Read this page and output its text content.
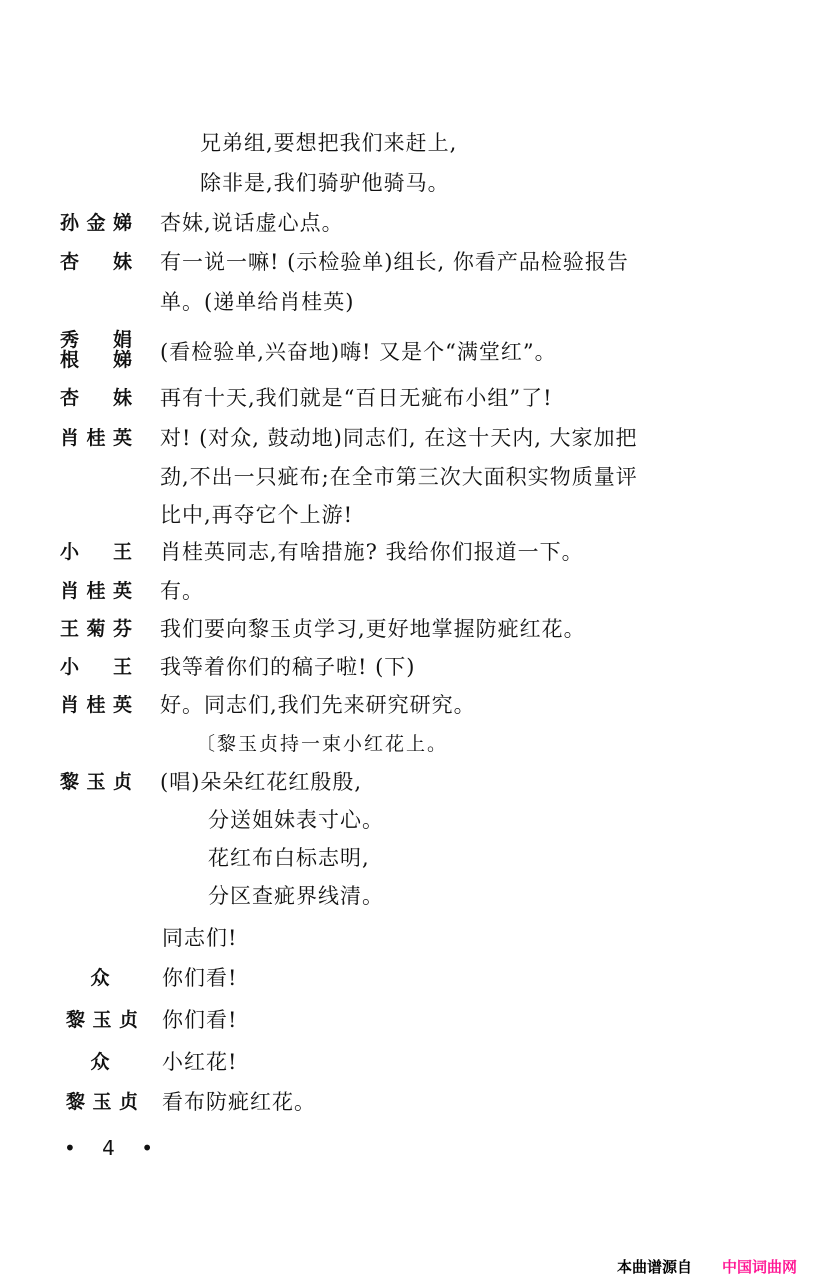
兄弟组,要想把我们来赶上,
除非是,我们骑驴他骑马。
孙 金 娣 杏妹,说话虚心点。
杏 妹 有一说一嘛! (示检验单)组长, 你看产品检验报告
单。(递单给肖桂英)
秀 娟
根 娣 (看检验单,兴奋地)嗨! 又是个“满堂红”。
杏 妹 再有十天,我们就是“百日无疵布小组”了!
肖 桂 英 对! (对众, 鼓动地)同志们, 在这十天内, 大家加把
劲,不出一只疵布;在全市第三次大面积实物质量评
比中,再夺它个上游!
小 王 肖桂英同志,有啥措施? 我给你们报道一下。
肖 桂 英 有。
王 菊 芬 我们要向黎玉贞学习,更好地掌握防疵红花。
小 王 我等着你们的稿子啦! (下)
肖 桂 英 好。同志们,我们先来研究研究。
〔黎玉贞持一束小红花上。
黎 玉 贞 (唱)朵朵红花红殷殷,
分送姐妹表寸心。
花红布白标志明,
分区查疵界线清。
同志们!
众	你们看!
黎 玉 贞 你们看!
众	小红花!
黎 玉 贞 看布防疵红花。
• 4 •
本曲谱源自 中国词曲网
